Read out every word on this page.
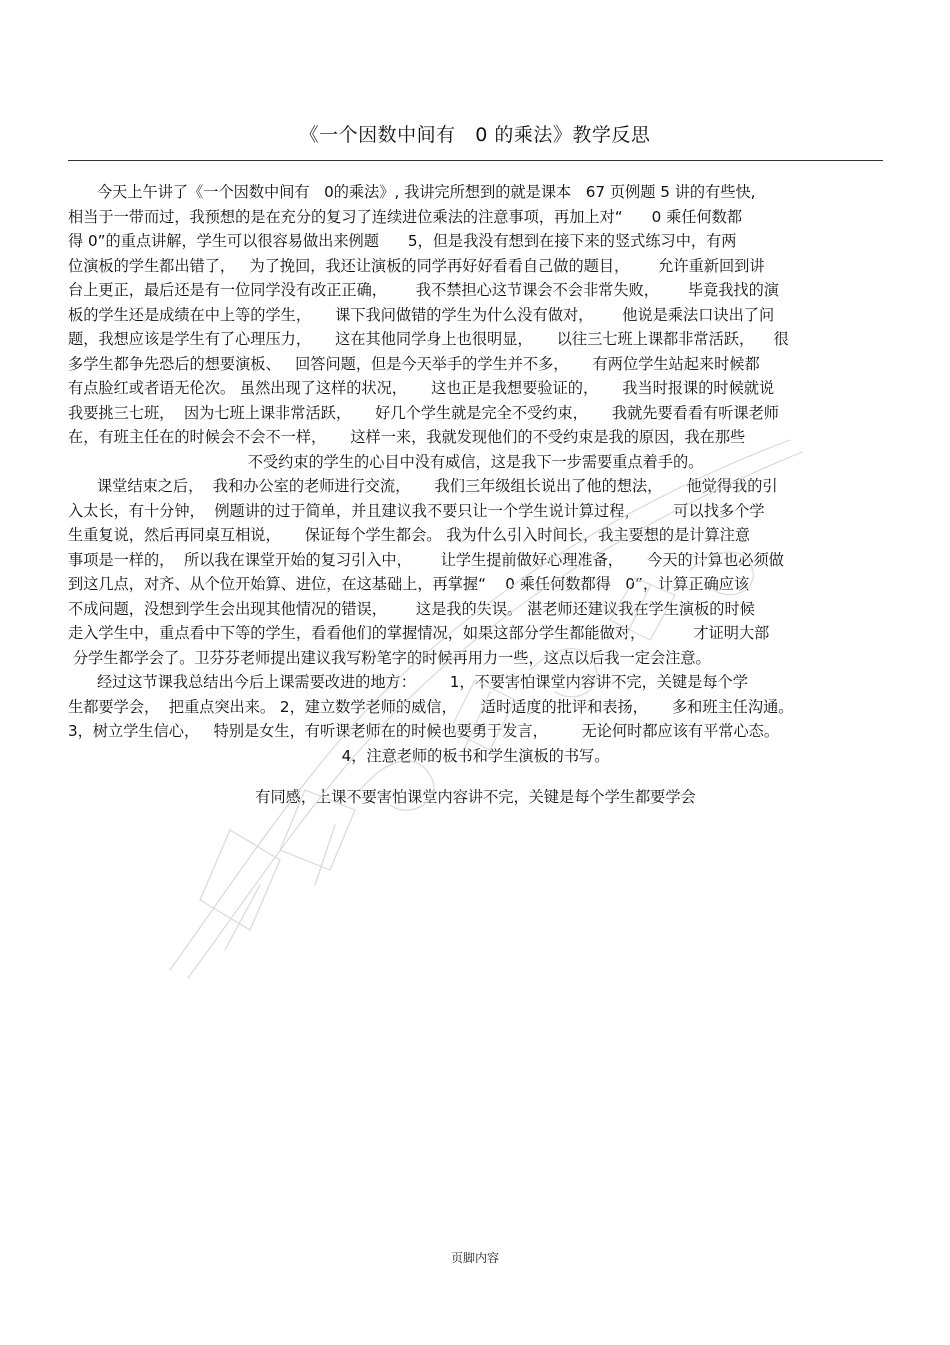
《一个因数中间有   0 的乘法》教学反思
今天上午讲了《一个因数中间有   0的乘法》, 我讲完所想到的就是课本   67 页例题 5 讲的有些快,
相当于一带而过，我预想的是在充分的复习了连续进位乘法的注意事项，再加上对“      0 乘任何数都
得 0”的重点讲解，学生可以很容易做出来例题      5，但是我没有想到在接下来的竖式练习中，有两
位演板的学生都出错了，   为了挽回，我还让演板的同学再好好看看自己做的题目，      允许重新回到讲
台上更正，最后还是有一位同学没有改正正确，      我不禁担心这节课会不会非常失败，      毕竟我找的演
板的学生还是成绩在中上等的学生，     课下我问做错的学生为什么没有做对，      他说是乘法口诀出了问
题，我想应该是学生有了心理压力，     这在其他同学身上也很明显，     以往三七班上课都非常活跃，    很
多学生都争先恐后的想要演板、   回答问题，但是今天举手的学生并不多，     有两位学生站起来时候都
有点脸红或者语无伦次。 虽然出现了这样的状况，     这也正是我想要验证的，     我当时报课的时候就说
我要挑三七班，  因为七班上课非常活跃，     好几个学生就是完全不受约束，     我就先要看看有听课老师
在，有班主任在的时候会不会不一样，     这样一来，我就发现他们的不受约束是我的原因，我在那些
不受约束的学生的心目中没有威信，这是我下一步需要重点着手的。
课堂结束之后，  我和办公室的老师进行交流，     我们三年级组长说出了他的想法，     他觉得我的引
入太长，有十分钟，  例题讲的过于简单，并且建议我不要只让一个学生说计算过程，       可以找多个学
生重复说，然后再同桌互相说，     保证每个学生都会。 我为什么引入时间长，我主要想的是计算注意
事项是一样的，  所以我在课堂开始的复习引入中，      让学生提前做好心理准备，     今天的计算也必须做
到这几点，对齐、从个位开始算、进位，在这基础上，再掌握“    0 乘任何数都得   0”，计算正确应该
不成问题，没想到学生会出现其他情况的错误，      这是我的失误。 湛老师还建议我在学生演板的时候
走入学生中，重点看中下等的学生，看看他们的掌握情况，如果这部分学生都能做对，          才证明大部
分学生都学会了。卫芬芬老师提出建议我写粉笔字的时候再用力一些，这点以后我一定会注意。
经过这节课我总结出今后上课需要改进的地方：       1，不要害怕课堂内容讲不完，关键是每个学
生都要学会，  把重点突出来。 2，建立数学老师的威信，     适时适度的批评和表扬，     多和班主任沟通。
3，树立学生信心，   特别是女生，有听课老师在的时候也要勇于发言，       无论何时都应该有平常心态。
4，注意老师的板书和学生演板的书写。
有同感，上课不要害怕课堂内容讲不完，关键是每个学生都要学会
页脚内容
